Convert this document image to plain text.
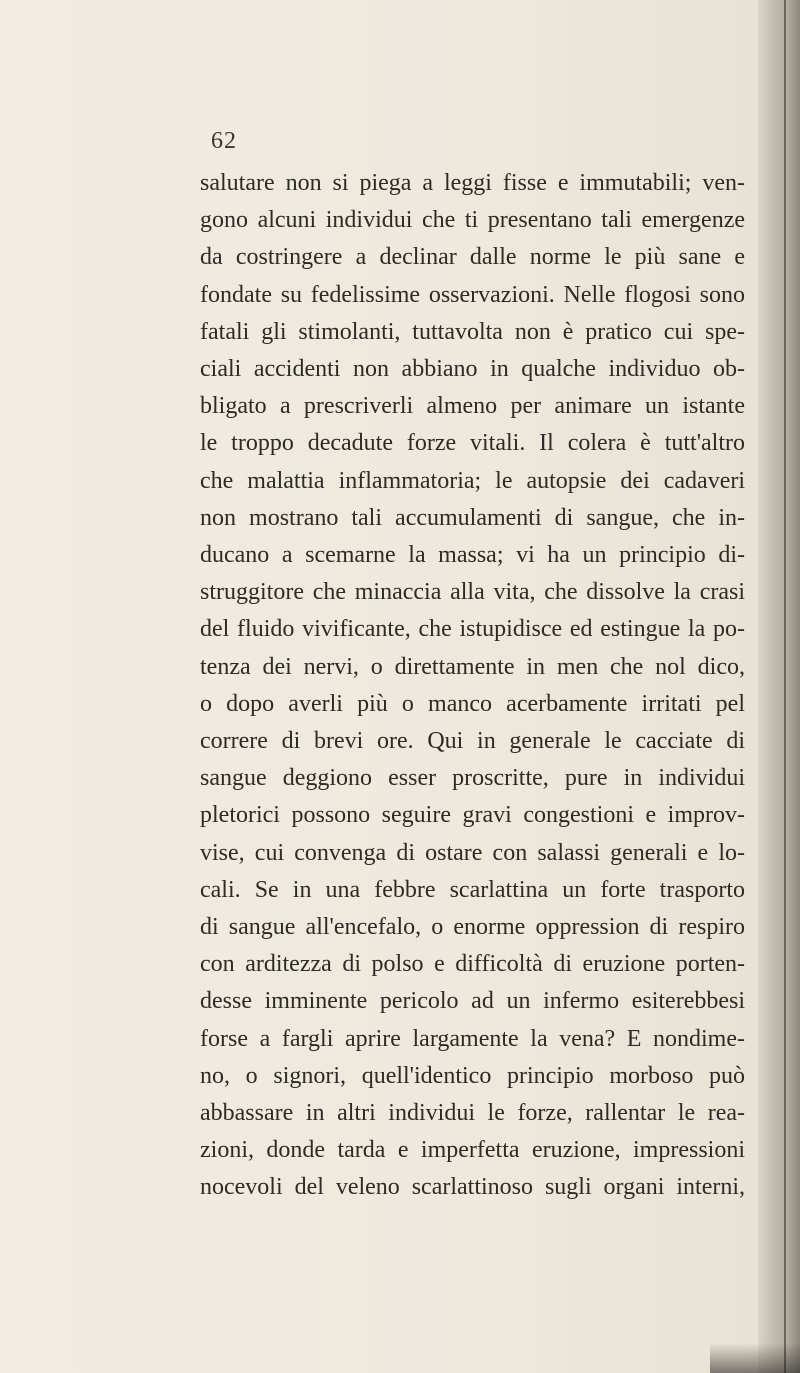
62
salutare non si piega a leggi fisse e immutabili; ven-
gono alcuni individui che ti presentano tali emergenze
da costringere a declinar dalle norme le più sane e
fondate su fedelissime osservazioni. Nelle flogosi sono
fatali gli stimolanti, tuttavolta non è pratico cui spe-
ciali accidenti non abbiano in qualche individuo ob-
bligato a prescriverli almeno per animare un istante
le troppo decadute forze vitali. Il colera è tutt'altro
che malattia inflammatoria; le autopsie dei cadaveri
non mostrano tali accumulamenti di sangue, che in-
ducano a scemarne la massa; vi ha un principio di-
struggitore che minaccia alla vita, che dissolve la crasi
del fluido vivificante, che istupidisce ed estingue la po-
tenza dei nervi, o direttamente in men che nol dico,
o dopo averli più o manco acerbamente irritati pel
correre di brevi ore. Qui in generale le cacciate di
sangue deggiono esser proscritte, pure in individui
pletorici possono seguire gravi congestioni e improv-
vise, cui convenga di ostare con salassi generali e lo-
cali. Se in una febbre scarlattina un forte trasporto
di sangue all'encefalo, o enorme oppression di respiro
con arditezza di polso e difficoltà di eruzione porten-
desse imminente pericolo ad un infermo esiterebbesi
forse a fargli aprire largamente la vena? E nondime-
no, o signori, quell'identico principio morboso può
abbassare in altri individui le forze, rallentar le rea-
zioni, donde tarda e imperfetta eruzione, impressioni
nocevoli del veleno scarlattinoso sugli organi interni,
